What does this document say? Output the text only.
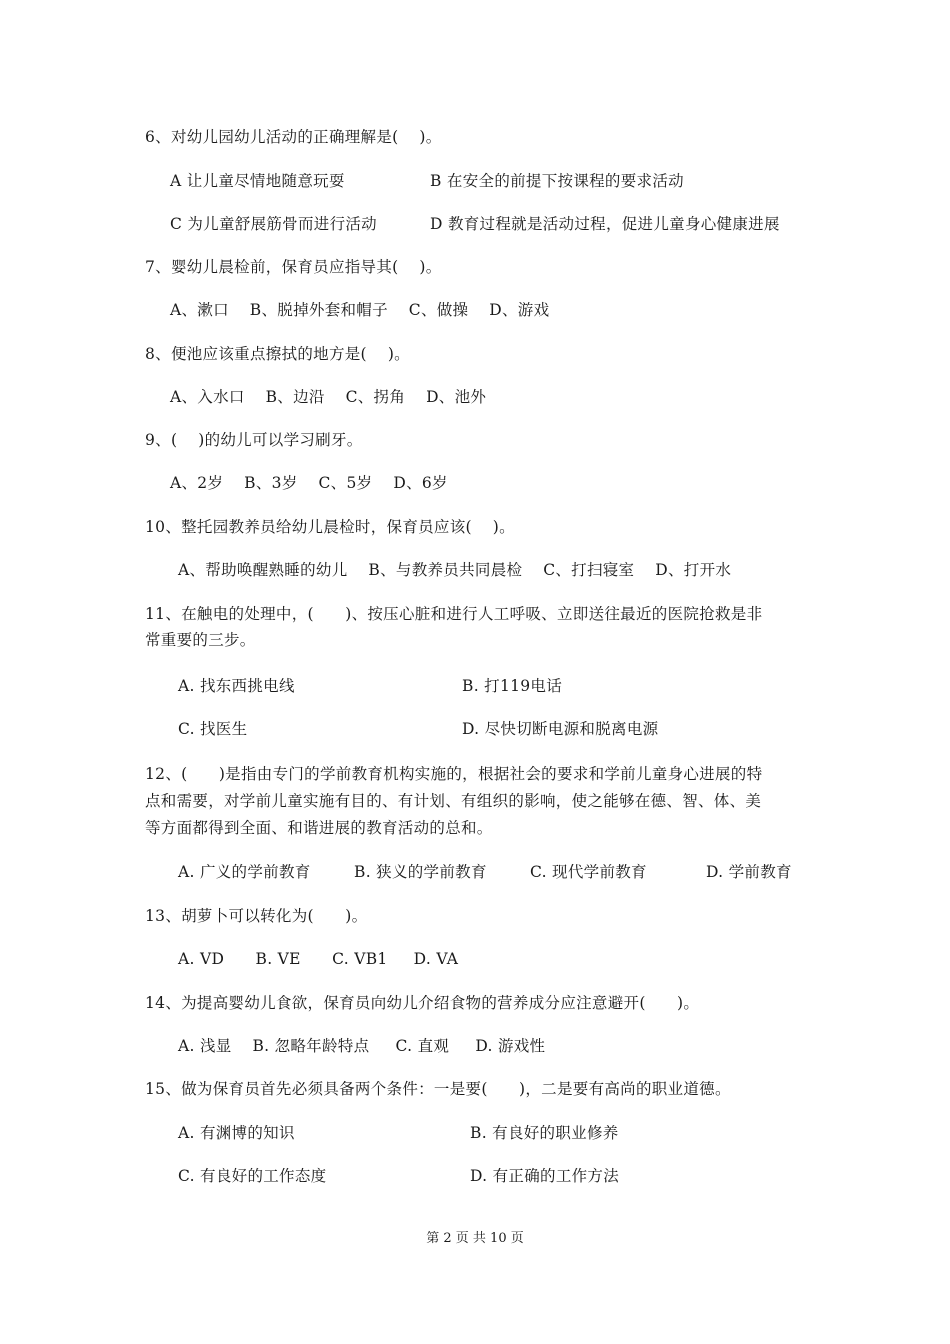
6、对幼儿园幼儿活动的正确理解是(    )。
A 让儿童尽情地随意玩耍	B 在安全的前提下按课程的要求活动
C 为儿童舒展筋骨而进行活动	D 教育过程就是活动过程，促进儿童身心健康进展
7、婴幼儿晨检前，保育员应指导其(    )。
A、漱口    B、脱掉外套和帽子    C、做操    D、游戏
8、便池应该重点擦拭的地方是(    )。
A、入水口    B、边沿    C、拐角    D、池外
9、(    )的幼儿可以学习刷牙。
A、2岁    B、3岁    C、5岁    D、6岁
10、整托园教养员给幼儿晨检时，保育员应该(    )。
A、帮助唤醒熟睡的幼儿    B、与教养员共同晨检    C、打扫寝室    D、打开水
11、在触电的处理中，(      )、按压心脏和进行人工呼吸、立即送往最近的医院抢救是非
常重要的三步。
A. 找东西挑电线	B. 打119电话
C. 找医生	D. 尽快切断电源和脱离电源
12、(      )是指由专门的学前教育机构实施的，根据社会的要求和学前儿童身心进展的特
点和需要，对学前儿童实施有目的、有计划、有组织的影响，使之能够在德、智、体、美
等方面都得到全面、和谐进展的教育活动的总和。
A. 广义的学前教育	B. 狭义的学前教育	C. 现代学前教育	D. 学前教育
13、胡萝卜可以转化为(      )。
A. VD      B. VE      C. VB1     D. VA
14、为提高婴幼儿食欲，保育员向幼儿介绍食物的营养成分应注意避开(      )。
A. 浅显    B. 忽略年龄特点     C. 直观     D. 游戏性
15、做为保育员首先必须具备两个条件：一是要(      )，二是要有高尚的职业道德。
A. 有渊博的知识	B. 有良好的职业修养
C. 有良好的工作态度	D. 有正确的工作方法
第 2 页 共 10 页
